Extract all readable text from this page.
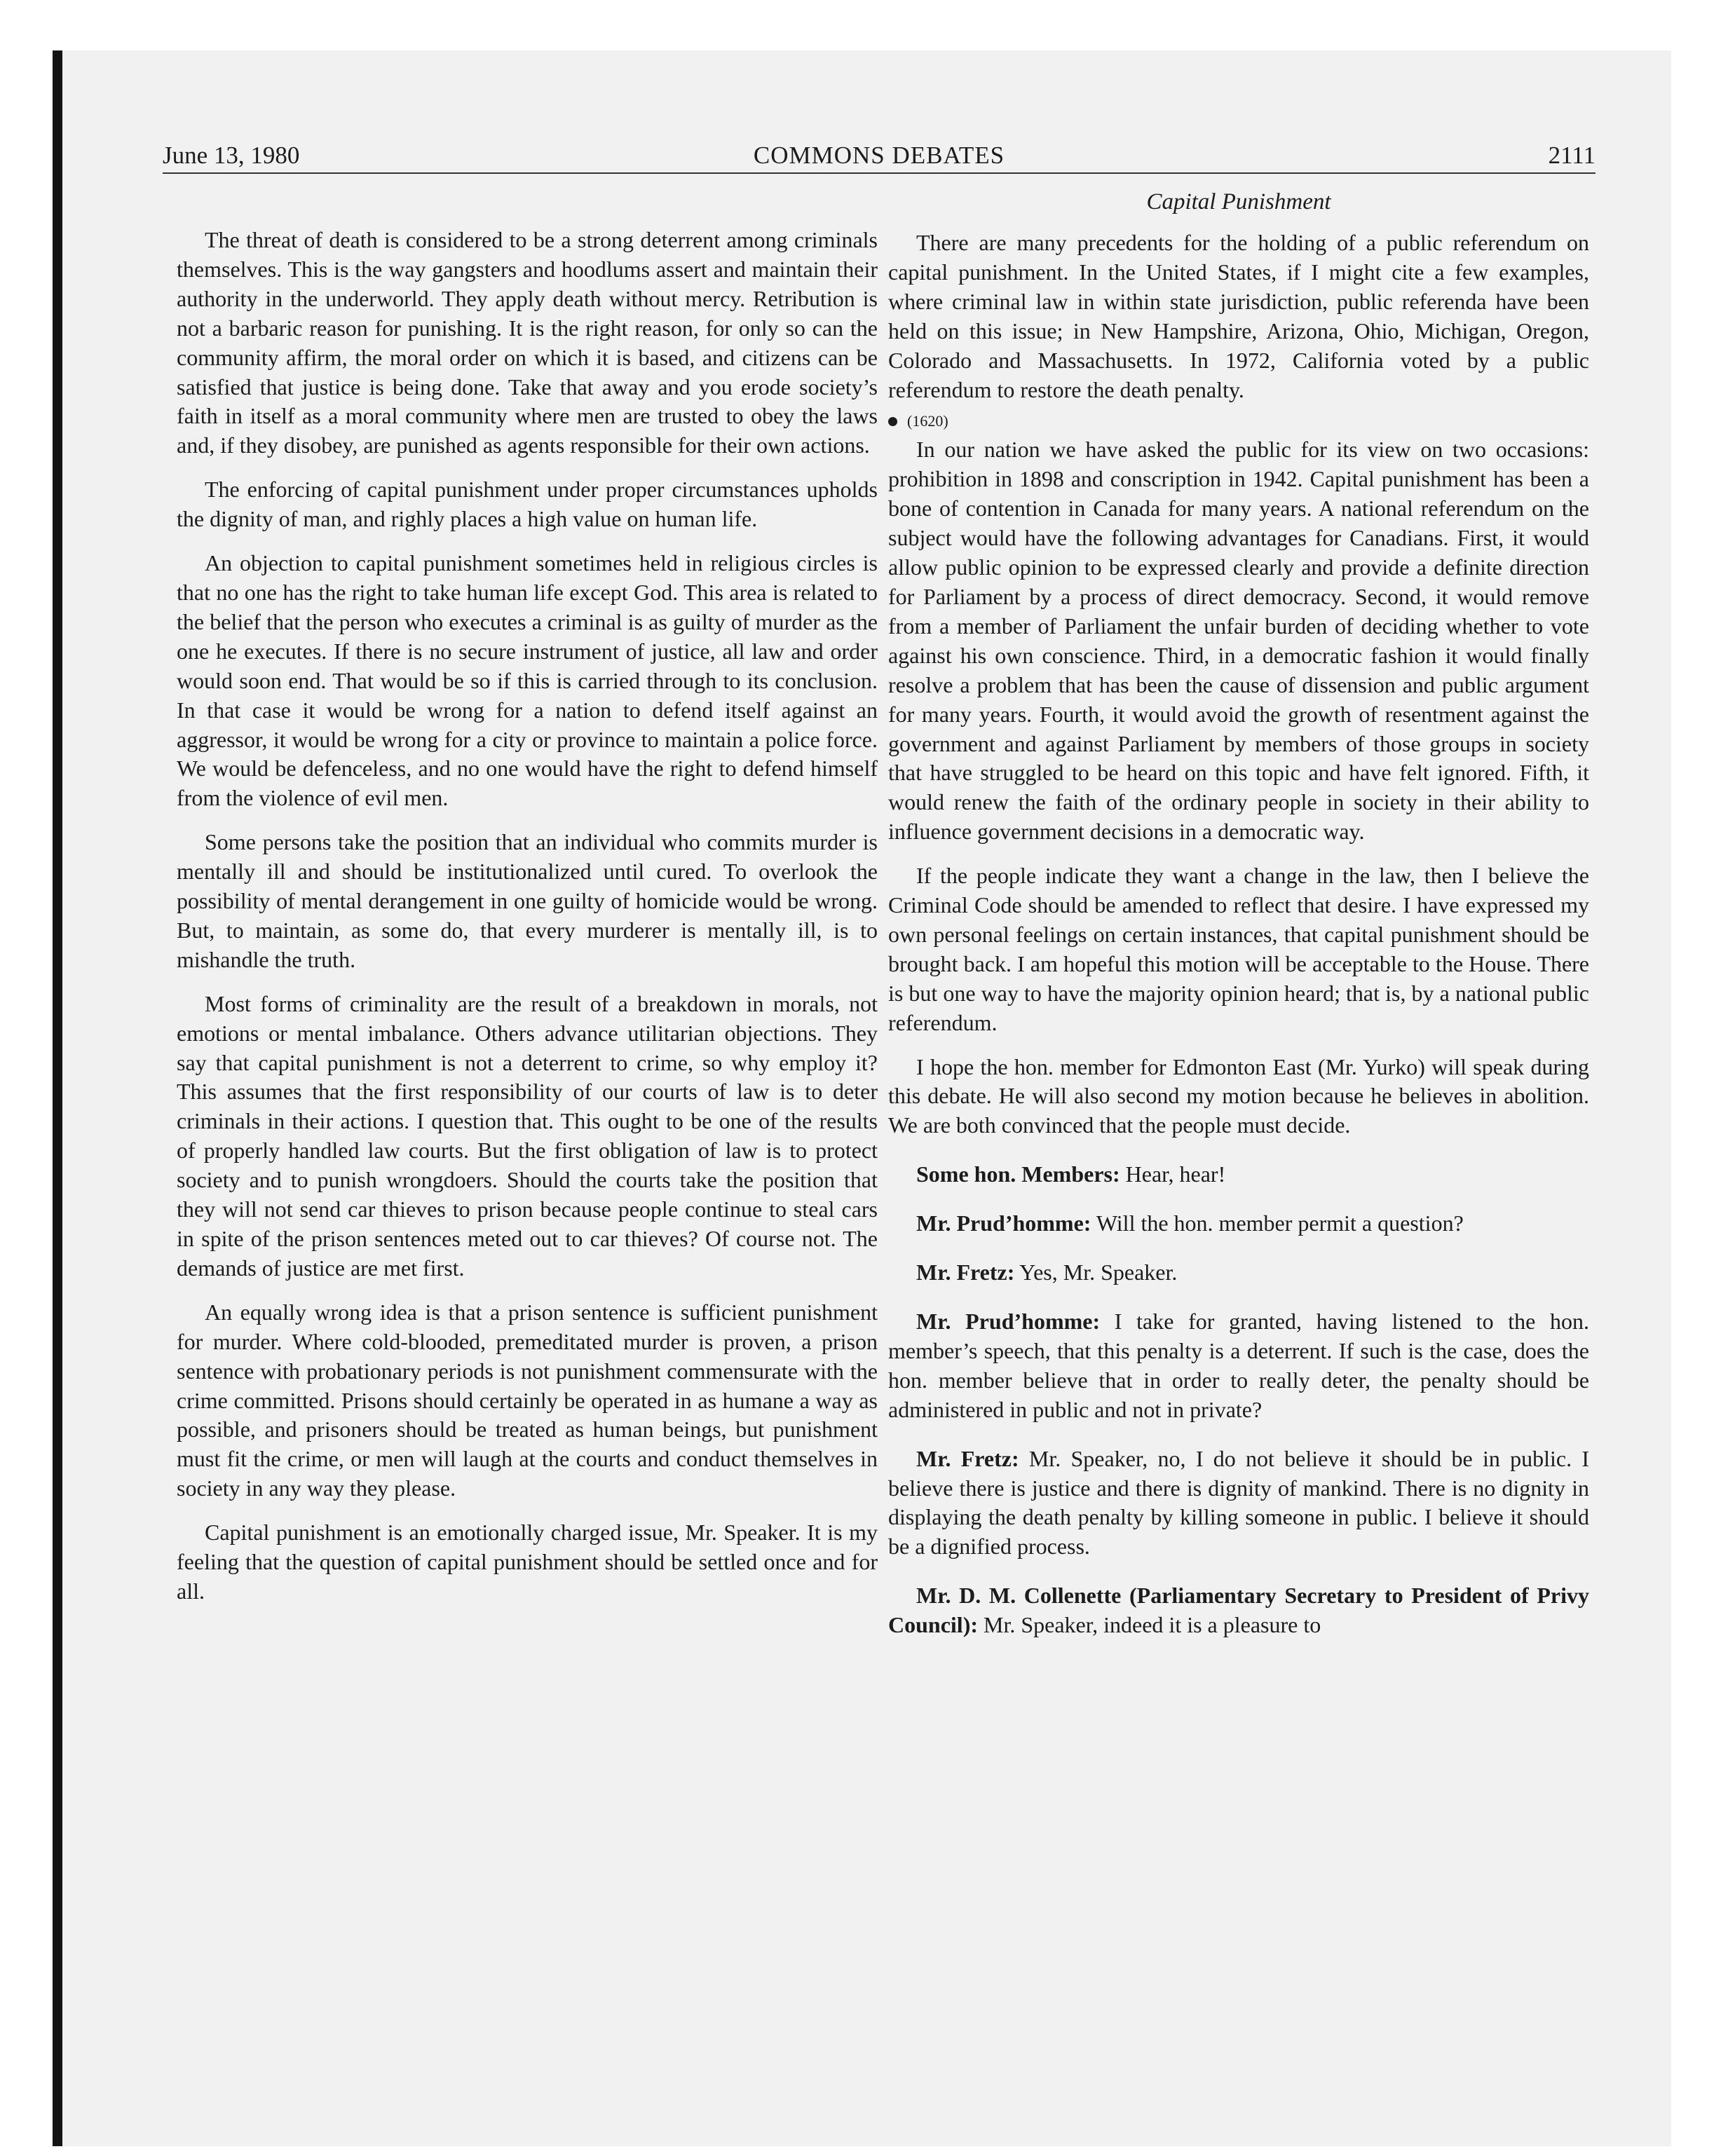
June 13, 1980	COMMONS DEBATES	2111
Capital Punishment

The threat of death is considered to be a strong deterrent among criminals themselves. This is the way gangsters and hoodlums assert and maintain their authority in the underworld. They apply death without mercy. Retribution is not a barbaric reason for punishing. It is the right reason, for only so can the community affirm, the moral order on which it is based, and citizens can be satisfied that justice is being done. Take that away and you erode society’s faith in itself as a moral community where men are trusted to obey the laws and, if they disobey, are punished as agents responsible for their own actions.

The enforcing of capital punishment under proper circumstances upholds the dignity of man, and righly places a high value on human life.

An objection to capital punishment sometimes held in religious circles is that no one has the right to take human life except God. This area is related to the belief that the person who executes a criminal is as guilty of murder as the one he executes. If there is no secure instrument of justice, all law and order would soon end. That would be so if this is carried through to its conclusion. In that case it would be wrong for a nation to defend itself against an aggressor, it would be wrong for a city or province to maintain a police force. We would be defenceless, and no one would have the right to defend himself from the violence of evil men.

Some persons take the position that an individual who commits murder is mentally ill and should be institutionalized until cured. To overlook the possibility of mental derangement in one guilty of homicide would be wrong. But, to maintain, as some do, that every murderer is mentally ill, is to mishandle the truth.

Most forms of criminality are the result of a breakdown in morals, not emotions or mental imbalance. Others advance utilitarian objections. They say that capital punishment is not a deterrent to crime, so why employ it? This assumes that the first responsibility of our courts of law is to deter criminals in their actions. I question that. This ought to be one of the results of properly handled law courts. But the first obligation of law is to protect society and to punish wrongdoers. Should the courts take the position that they will not send car thieves to prison because people continue to steal cars in spite of the prison sentences meted out to car thieves? Of course not. The demands of justice are met first.

An equally wrong idea is that a prison sentence is sufficient punishment for murder. Where cold-blooded, premeditated murder is proven, a prison sentence with probationary periods is not punishment commensurate with the crime committed. Prisons should certainly be operated in as humane a way as possible, and prisoners should be treated as human beings, but punishment must fit the crime, or men will laugh at the courts and conduct themselves in society in any way they please.

Capital punishment is an emotionally charged issue, Mr. Speaker. It is my feeling that the question of capital punishment should be settled once and for all.

There are many precedents for the holding of a public referendum on capital punishment. In the United States, if I might cite a few examples, where criminal law in within state jurisdiction, public referenda have been held on this issue; in New Hampshire, Arizona, Ohio, Michigan, Oregon, Colorado and Massachusetts. In 1972, California voted by a public referendum to restore the death penalty.

(1620)

In our nation we have asked the public for its view on two occasions: prohibition in 1898 and conscription in 1942. Capital punishment has been a bone of contention in Canada for many years. A national referendum on the subject would have the following advantages for Canadians. First, it would allow public opinion to be expressed clearly and provide a definite direction for Parliament by a process of direct democracy. Second, it would remove from a member of Parliament the unfair burden of deciding whether to vote against his own conscience. Third, in a democratic fashion it would finally resolve a problem that has been the cause of dissension and public argument for many years. Fourth, it would avoid the growth of resentment against the government and against Parliament by members of those groups in society that have struggled to be heard on this topic and have felt ignored. Fifth, it would renew the faith of the ordinary people in society in their ability to influence government decisions in a democratic way.

If the people indicate they want a change in the law, then I believe the Criminal Code should be amended to reflect that desire. I have expressed my own personal feelings on certain instances, that capital punishment should be brought back. I am hopeful this motion will be acceptable to the House. There is but one way to have the majority opinion heard; that is, by a national public referendum.

I hope the hon. member for Edmonton East (Mr. Yurko) will speak during this debate. He will also second my motion because he believes in abolition. We are both convinced that the people must decide.

Some hon. Members: Hear, hear!

Mr. Prud’homme: Will the hon. member permit a question?

Mr. Fretz: Yes, Mr. Speaker.

Mr. Prud’homme: I take for granted, having listened to the hon. member’s speech, that this penalty is a deterrent. If such is the case, does the hon. member believe that in order to really deter, the penalty should be administered in public and not in private?

Mr. Fretz: Mr. Speaker, no, I do not believe it should be in public. I believe there is justice and there is dignity of mankind. There is no dignity in displaying the death penalty by killing someone in public. I believe it should be a dignified process.

Mr. D. M. Collenette (Parliamentary Secretary to President of Privy Council): Mr. Speaker, indeed it is a pleasure to
